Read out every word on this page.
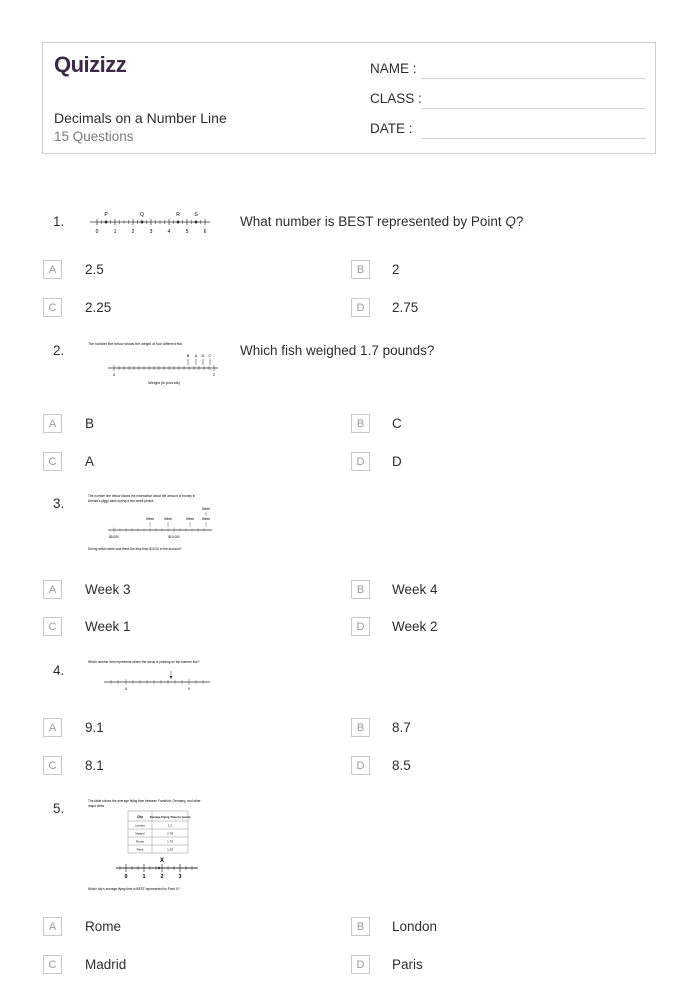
Quizizz
Decimals on a Number Line
15 Questions
NAME :
CLASS :
DATE :
1.	P	Q	R	S
0	1	2	3	4	5	6
What number is BEST represented by Point Q?
A	2.5	B	2
C	2.25	D	2.75
2.	The number line below shows the weight of four different fish.
B A D C
0	2
Weight (in pounds)
Which fish weighed 1.7 pounds?
A	B	B	C
C	A	D	D
3.	The number line below shows the information about the amount of money in
Armani's piggy bank during a five-week period.
Week
Week	Week	Week Week
$5,000	$10,000
During which week was there the less than $10,00 in the account?
A	Week 3	B	Week 4
C	Week 1	D	Week 2
4.
Which number best represents where the arrow is pointing on the number line?
8	9
A	9.1	B	8.7
C	8.1	D	8.5
5.	The table shows the average flying time between Frankfurt, Germany, and other
major cities.
City Average Flying Time (in hours)
London	1.3
Madrid	2.78
Rome	1.75
Paris	1.25
X
0	1	2	3
Which city's average flying time is BEST represented by Point X?
A	Rome	B	London
C	Madrid	D	Paris
